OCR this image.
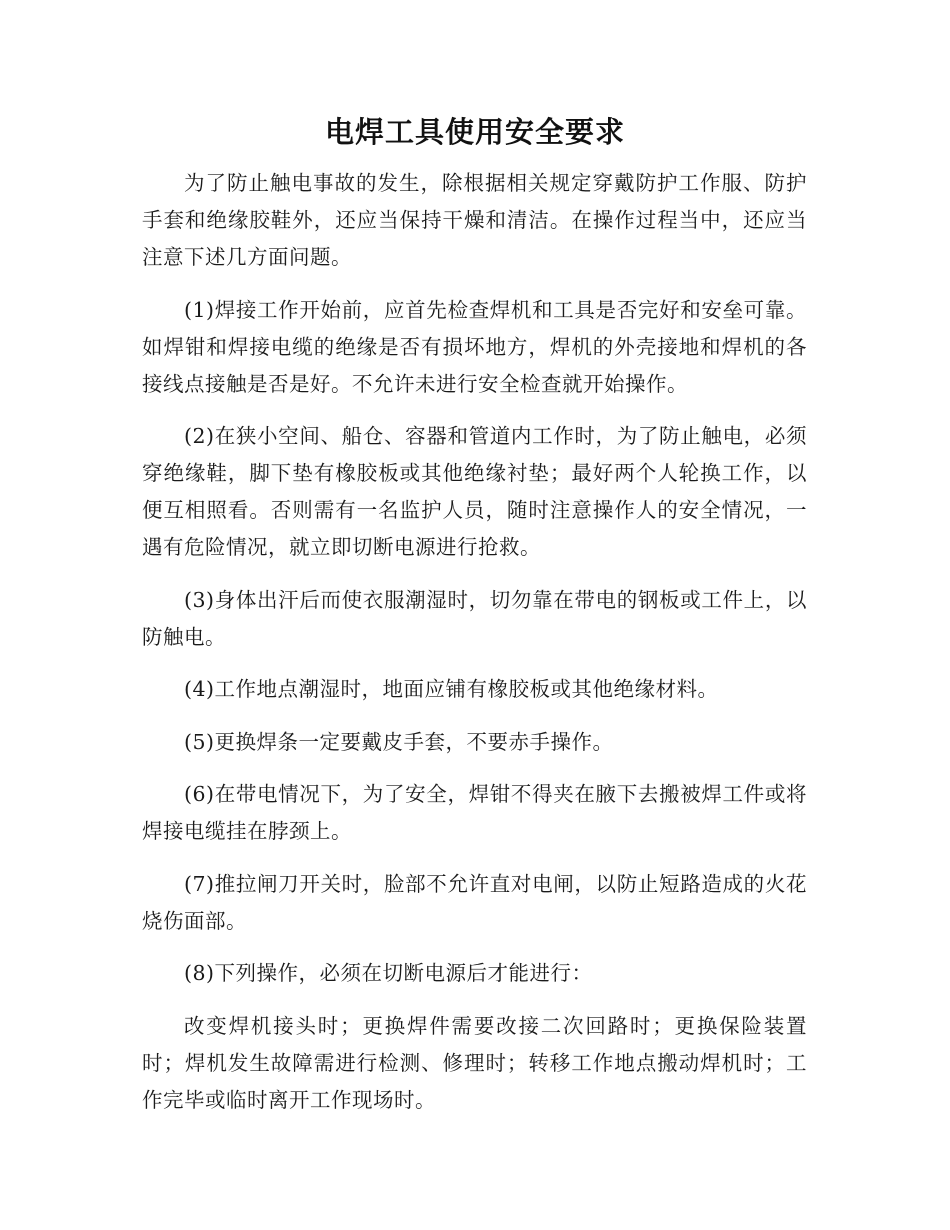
电焊工具使用安全要求

为了防止触电事故的发生，除根据相关规定穿戴防护工作服、防护手套和绝缘胶鞋外，还应当保持干燥和清洁。在操作过程当中，还应当注意下述几方面问题。

(1)焊接工作开始前，应首先检查焊机和工具是否完好和安垒可靠。如焊钳和焊接电缆的绝缘是否有损坏地方，焊机的外壳接地和焊机的各接线点接触是否是好。不允许未进行安全检查就开始操作。

(2)在狭小空间、船仓、容器和管道内工作时，为了防止触电，必须穿绝缘鞋，脚下垫有橡胶板或其他绝缘衬垫；最好两个人轮换工作，以便互相照看。否则需有一名监护人员，随时注意操作人的安全情况，一遇有危险情况，就立即切断电源进行抢救。

(3)身体出汗后而使衣服潮湿时，切勿靠在带电的钢板或工件上，以防触电。

(4)工作地点潮湿时，地面应铺有橡胶板或其他绝缘材料。

(5)更换焊条一定要戴皮手套，不要赤手操作。

(6)在带电情况下，为了安全，焊钳不得夹在腋下去搬被焊工件或将焊接电缆挂在脖颈上。

(7)推拉闸刀开关时，脸部不允许直对电闸，以防止短路造成的火花烧伤面部。

(8)下列操作，必须在切断电源后才能进行：

改变焊机接头时；更换焊件需要改接二次回路时；更换保险装置时；焊机发生故障需进行检测、修理时；转移工作地点搬动焊机时；工作完毕或临时离开工作现场时。
